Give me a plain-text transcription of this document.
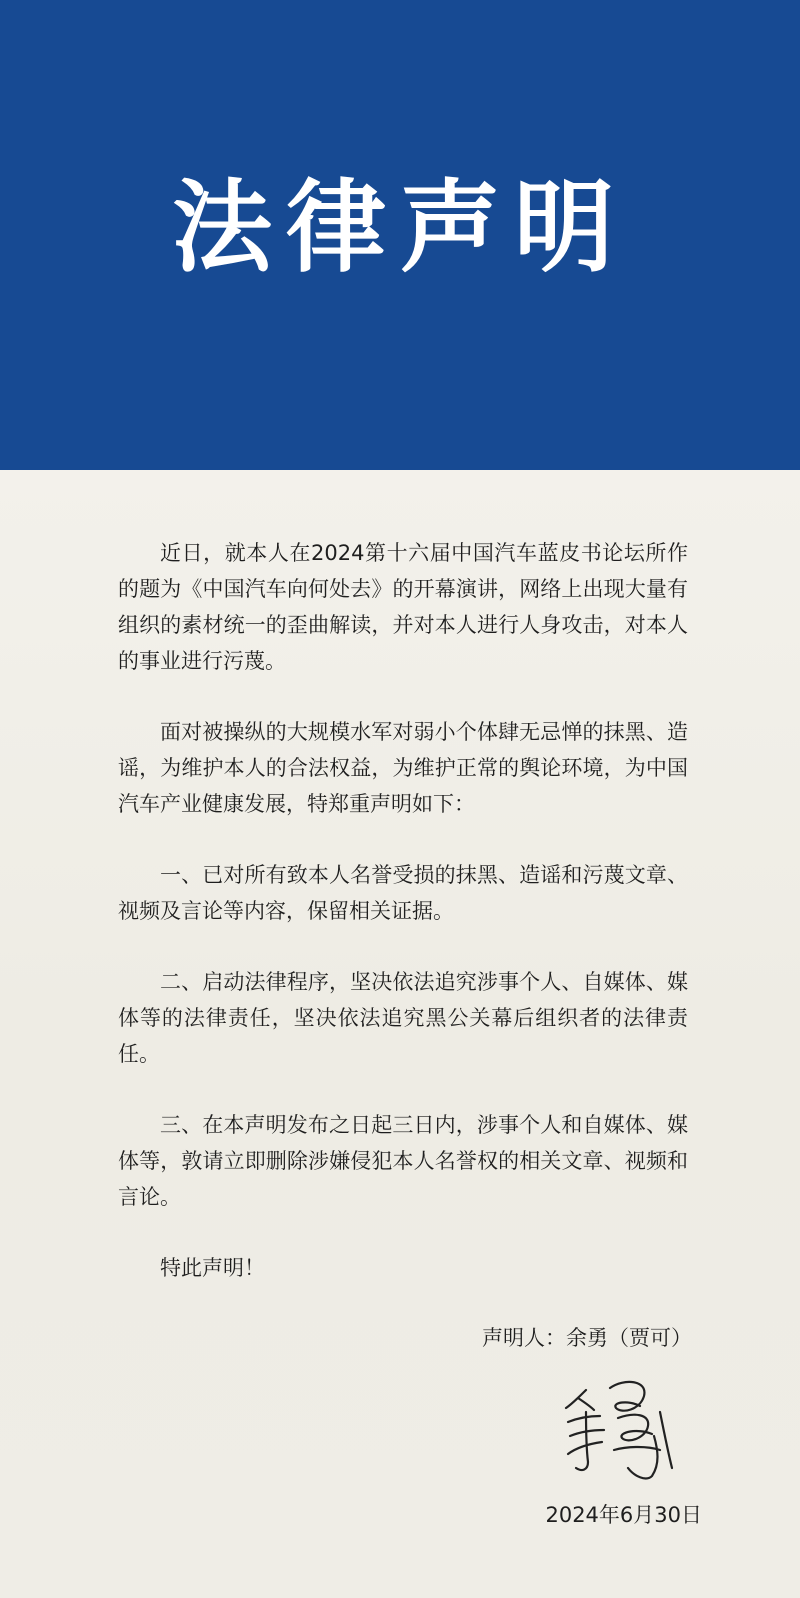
法律声明

近日，就本人在2024第十六届中国汽车蓝皮书论坛所作的题为《中国汽车向何处去》的开幕演讲，网络上出现大量有组织的素材统一的歪曲解读，并对本人进行人身攻击，对本人的事业进行污蔑。

面对被操纵的大规模水军对弱小个体肆无忌惮的抹黑、造谣，为维护本人的合法权益，为维护正常的舆论环境，为中国汽车产业健康发展，特郑重声明如下：

一、已对所有致本人名誉受损的抹黑、造谣和污蔑文章、视频及言论等内容，保留相关证据。

二、启动法律程序，坚决依法追究涉事个人、自媒体、媒体等的法律责任，坚决依法追究黑公关幕后组织者的法律责任。

三、在本声明发布之日起三日内，涉事个人和自媒体、媒体等，敦请立即删除涉嫌侵犯本人名誉权的相关文章、视频和言论。

特此声明！

声明人：余勇（贾可）
2024年6月30日
